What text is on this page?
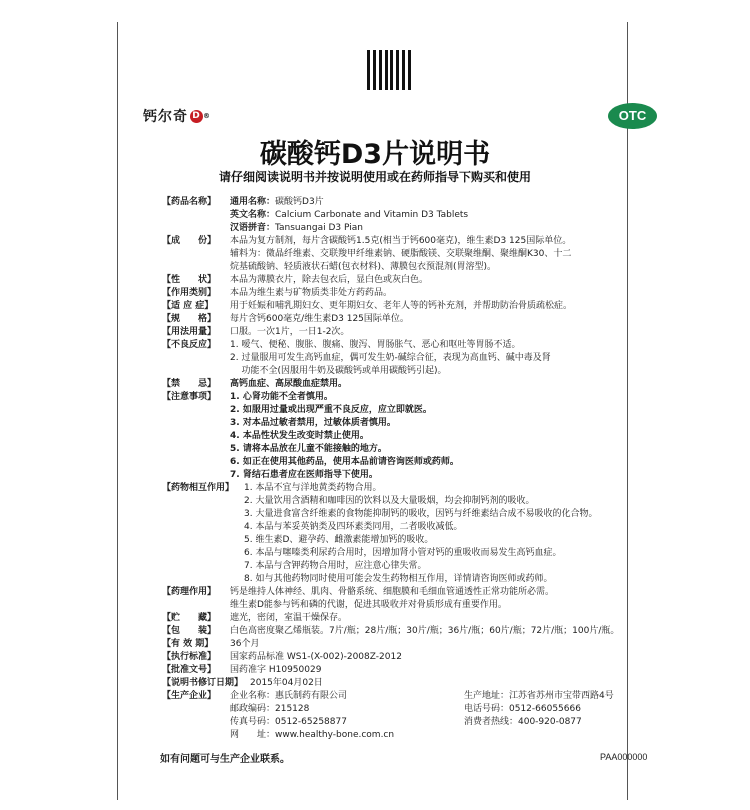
钙尔奇 D ®	OTC
碳酸钙D3片说明书
请仔细阅读说明书并按说明使用或在药师指导下购买和使用
【药品名称】	通用名称： 碳酸钙D3片
英文名称： Calcium Carbonate and Vitamin D3 Tablets
汉语拼音： Tansuangai D3 Pian
【成　　份】	本品为复方制剂，每片含碳酸钙1.5克(相当于钙600毫克)，维生素D3 125国际单位。
辅料为：微晶纤维素、交联羧甲纤维素钠、硬脂酸镁、交联聚维酮、聚维酮K30、十二
烷基硫酸钠、轻质液状石蜡(包衣材料)、薄膜包衣预混剂(胃溶型)。
【性　　状】	本品为薄膜衣片，除去包衣后，显白色或灰白色。
【作用类别】	本品为维生素与矿物质类非处方药药品。
【适 应 症】	用于妊娠和哺乳期妇女、更年期妇女、老年人等的钙补充剂，并帮助防治骨质疏松症。
【规　　格】	每片含钙600毫克/维生素D3 125国际单位。
【用法用量】	口服。一次1片，一日1-2次。
【不良反应】	1. 嗳气、便秘、腹胀、腹痛、腹泻、胃肠胀气、恶心和呕吐等胃肠不适。
2. 过量服用可发生高钙血症，偶可发生奶-碱综合征，表现为高血钙、碱中毒及肾
功能不全(因服用牛奶及碳酸钙或单用碳酸钙引起)。
【禁　　忌】	高钙血症、高尿酸血症禁用。
【注意事项】	1. 心肾功能不全者慎用。
2. 如服用过量或出现严重不良反应，应立即就医。
3. 对本品过敏者禁用，过敏体质者慎用。
4. 本品性状发生改变时禁止使用。
5. 请将本品放在儿童不能接触的地方。
6. 如正在使用其他药品，使用本品前请咨询医师或药师。
7. 肾结石患者应在医师指导下使用。
【药物相互作用】	1. 本品不宜与洋地黄类药物合用。
2. 大量饮用含酒精和咖啡因的饮料以及大量吸烟，均会抑制钙剂的吸收。
3. 大量进食富含纤维素的食物能抑制钙的吸收，因钙与纤维素结合成不易吸收的化合物。
4. 本品与苯妥英钠类及四环素类同用，二者吸收减低。
5. 维生素D、避孕药、雌激素能增加钙的吸收。
6. 本品与噻嗪类利尿药合用时，因增加肾小管对钙的重吸收而易发生高钙血症。
7. 本品与含钾药物合用时，应注意心律失常。
8. 如与其他药物同时使用可能会发生药物相互作用，详情请咨询医师或药师。
【药理作用】	钙是维持人体神经、肌肉、骨骼系统、细胞膜和毛细血管通透性正常功能所必需。
维生素D能参与钙和磷的代谢，促进其吸收并对骨质形成有重要作用。
【贮　　藏】	遮光，密闭，室温干燥保存。
【包　　装】	白色高密度聚乙烯瓶装。7片/瓶；28片/瓶；30片/瓶；36片/瓶；60片/瓶；72片/瓶；100片/瓶。
【有 效 期】	36个月
【执行标准】	国家药品标准 WS1-(X-002)-2008Z-2012
【批准文号】	国药准字 H10950029
【说明书修订日期】 2015年04月02日
【生产企业】	企业名称：惠氏制药有限公司	生产地址：江苏省苏州市宝带西路4号
邮政编码：215128	电话号码：0512-66055666
传真号码：0512-65258877	消费者热线：400-920-0877
网　　址：www.healthy-bone.com.cn
如有问题可与生产企业联系。	PAA000000
